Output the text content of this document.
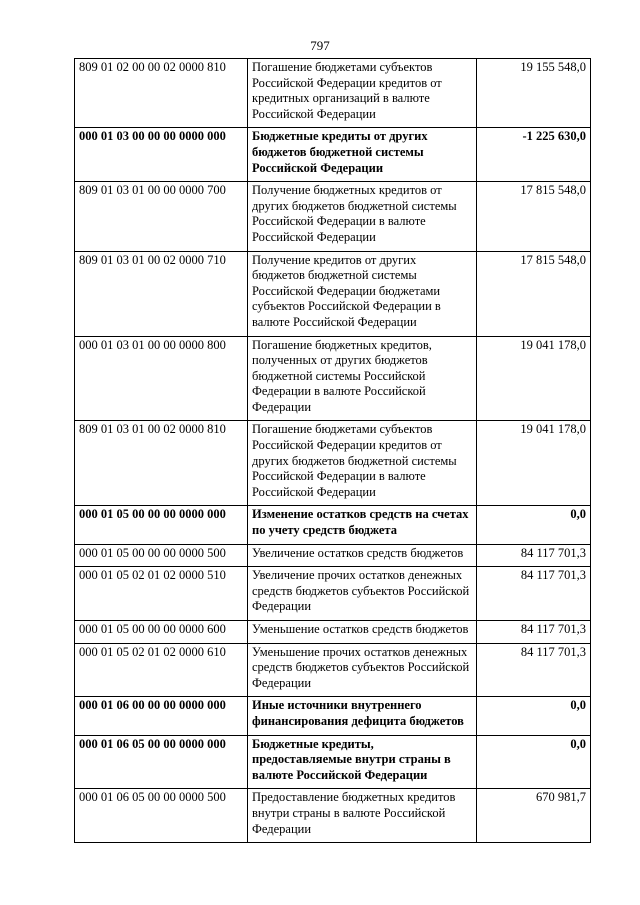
797
809 01 02 00 00 02 0000 810	Погашение бюджетами субъектов Российской Федерации кредитов от кредитных организаций в валюте Российской Федерации	19 155 548,0
000 01 03 00 00 00 0000 000	Бюджетные кредиты от других бюджетов бюджетной системы Российской Федерации	-1 225 630,0
809 01 03 01 00 00 0000 700	Получение бюджетных кредитов от других бюджетов бюджетной системы Российской Федерации в валюте Российской Федерации	17 815 548,0
809 01 03 01 00 02 0000 710	Получение кредитов от других бюджетов бюджетной системы Российской Федерации бюджетами субъектов Российской Федерации в валюте Российской Федерации	17 815 548,0
000 01 03 01 00 00 0000 800	Погашение бюджетных кредитов, полученных от других бюджетов бюджетной системы Российской Федерации в валюте Российской Федерации	19 041 178,0
809 01 03 01 00 02 0000 810	Погашение бюджетами субъектов Российской Федерации кредитов от других бюджетов бюджетной системы Российской Федерации в валюте Российской Федерации	19 041 178,0
000 01 05 00 00 00 0000 000	Изменение остатков средств на счетах по учету средств бюджета	0,0
000 01 05 00 00 00 0000 500	Увеличение остатков средств бюджетов	84 117 701,3
000 01 05 02 01 02 0000 510	Увеличение прочих остатков денежных средств бюджетов субъектов Российской Федерации	84 117 701,3
000 01 05 00 00 00 0000 600	Уменьшение остатков средств бюджетов	84 117 701,3
000 01 05 02 01 02 0000 610	Уменьшение прочих остатков денежных средств бюджетов субъектов Российской Федерации	84 117 701,3
000 01 06 00 00 00 0000 000	Иные источники внутреннего финансирования дефицита бюджетов	0,0
000 01 06 05 00 00 0000 000	Бюджетные кредиты, предоставляемые внутри страны в валюте Российской Федерации	0,0
000 01 06 05 00 00 0000 500	Предоставление бюджетных кредитов внутри страны в валюте Российской Федерации	670 981,7
